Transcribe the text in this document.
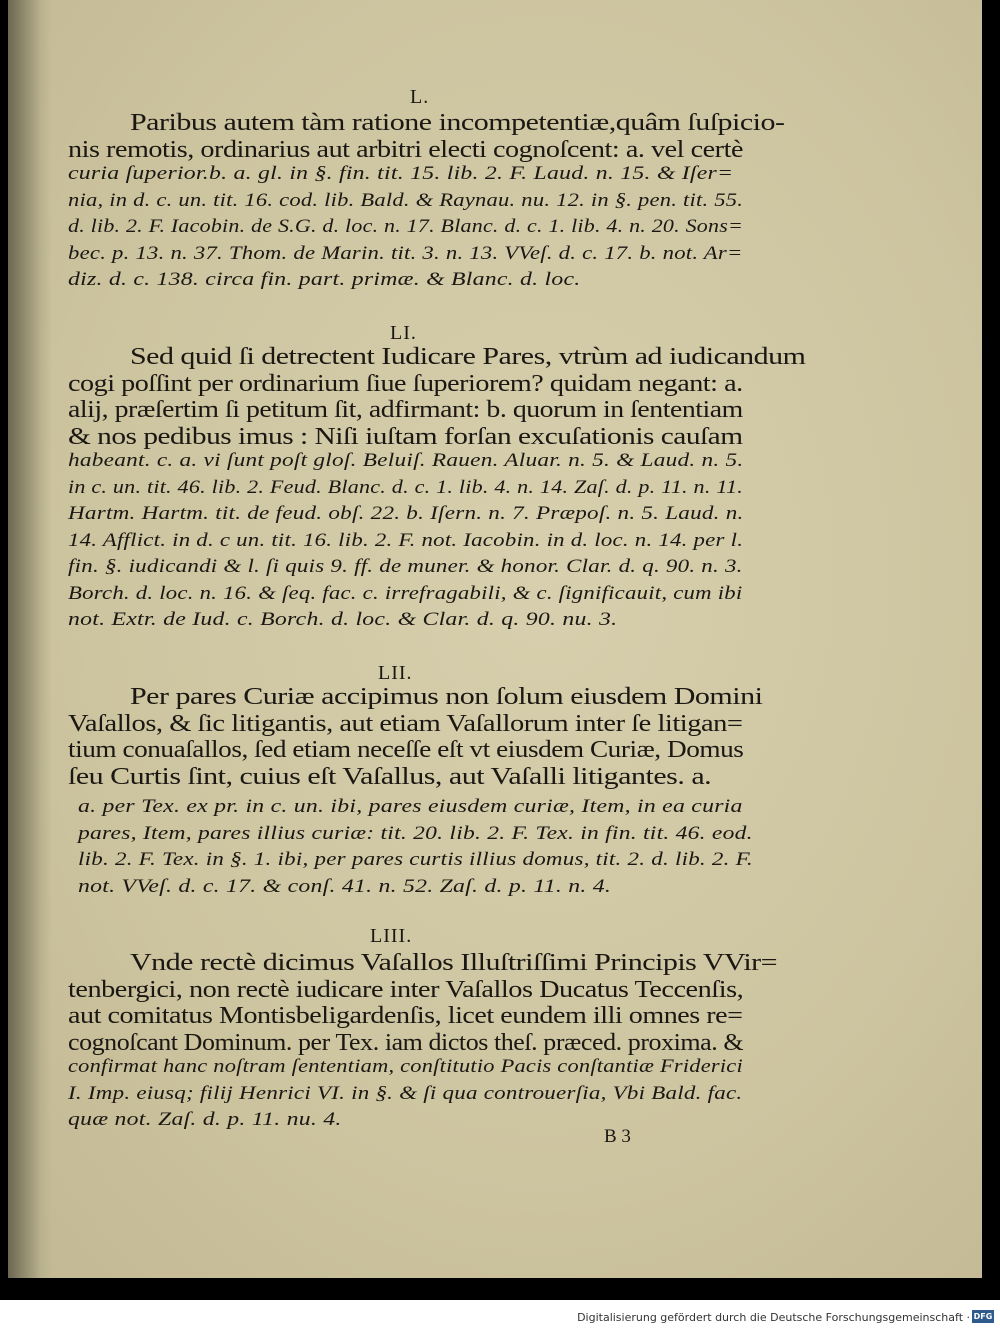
L.
Paribus autem tàm ratione incompetentiæ,quâm ſuſpicio-
nis remotis, ordinarius aut arbitri electi cognoſcent: a. vel certè
curia ſuperior.b. a. gl. in §. fin. tit. 15. lib. 2. F. Laud. n. 15. & Iſer=
nia, in d. c. un. tit. 16. cod. lib. Bald. & Raynau. nu. 12. in §. pen. tit. 55.
d. lib. 2. F. Iacobin. de S.G. d. loc. n. 17. Blanc. d. c. 1. lib. 4. n. 20. Sons=
bec. p. 13. n. 37. Thom. de Marin. tit. 3. n. 13. VVeſ. d. c. 17. b. not. Ar=
diz. d. c. 138. circa fin. part. primæ. & Blanc. d. loc.
LI.
Sed quid ſi detrectent Iudicare Pares, vtrùm ad iudicandum
cogi poſſint per ordinarium ſiue ſuperiorem? quidam negant: a.
alij, præſertim ſi petitum ſit, adfirmant: b. quorum in ſententiam
& nos pedibus imus : Niſi iuſtam forſan excuſationis cauſam
habeant. c. a. vi ſunt poſt gloſ. Beluiſ. Rauen. Aluar. n. 5. & Laud. n. 5.
in c. un. tit. 46. lib. 2. Feud. Blanc. d. c. 1. lib. 4. n. 14. Zaſ. d. p. 11. n. 11.
Hartm. Hartm. tit. de feud. obſ. 22. b. Iſern. n. 7. Præpoſ. n. 5. Laud. n.
14. Afflict. in d. c un. tit. 16. lib. 2. F. not. Iacobin. in d. loc. n. 14. per l.
fin. §. iudicandi & l. ſi quis 9. ff. de muner. & honor. Clar. d. q. 90. n. 3.
Borch. d. loc. n. 16. & ſeq. fac. c. irrefragabili, & c. ſignificauit, cum ibi
not. Extr. de Iud. c. Borch. d. loc. & Clar. d. q. 90. nu. 3.
LII.
Per pares Curiæ accipimus non ſolum eiusdem Domini
Vaſallos, & ſic litigantis, aut etiam Vaſallorum inter ſe litigan=
tium conuaſallos, ſed etiam neceſſe eſt vt eiusdem Curiæ, Domus
ſeu Curtis ſint, cuius eſt Vaſallus, aut Vaſalli litigantes. a.
a. per Tex. ex pr. in c. un. ibi, pares eiusdem curiæ, Item, in ea curia
pares, Item, pares illius curiæ: tit. 20. lib. 2. F. Tex. in fin. tit. 46. eod.
lib. 2. F. Tex. in §. 1. ibi, per pares curtis illius domus, tit. 2. d. lib. 2. F.
not. VVeſ. d. c. 17. & conſ. 41. n. 52. Zaſ. d. p. 11. n. 4.
LIII.
Vnde rectè dicimus Vaſallos Illuſtriſſimi Principis VVir=
tenbergici, non rectè iudicare inter Vaſallos Ducatus Teccenſis,
aut comitatus Montisbeligardenſis, licet eundem illi omnes re=
cognoſcant Dominum. per Tex. iam dictos theſ. præced. proxima. &
confirmat hanc noſtram ſententiam, conſtitutio Pacis conſtantiæ Friderici
I. Imp. eiusq; filij Henrici VI. in §. & ſi qua controuerſia, Vbi Bald. fac.
quæ not. Zaſ. d. p. 11. nu. 4.
B 3
Digitalisierung gefördert durch die Deutsche Forschungsgemeinschaft · DFG
